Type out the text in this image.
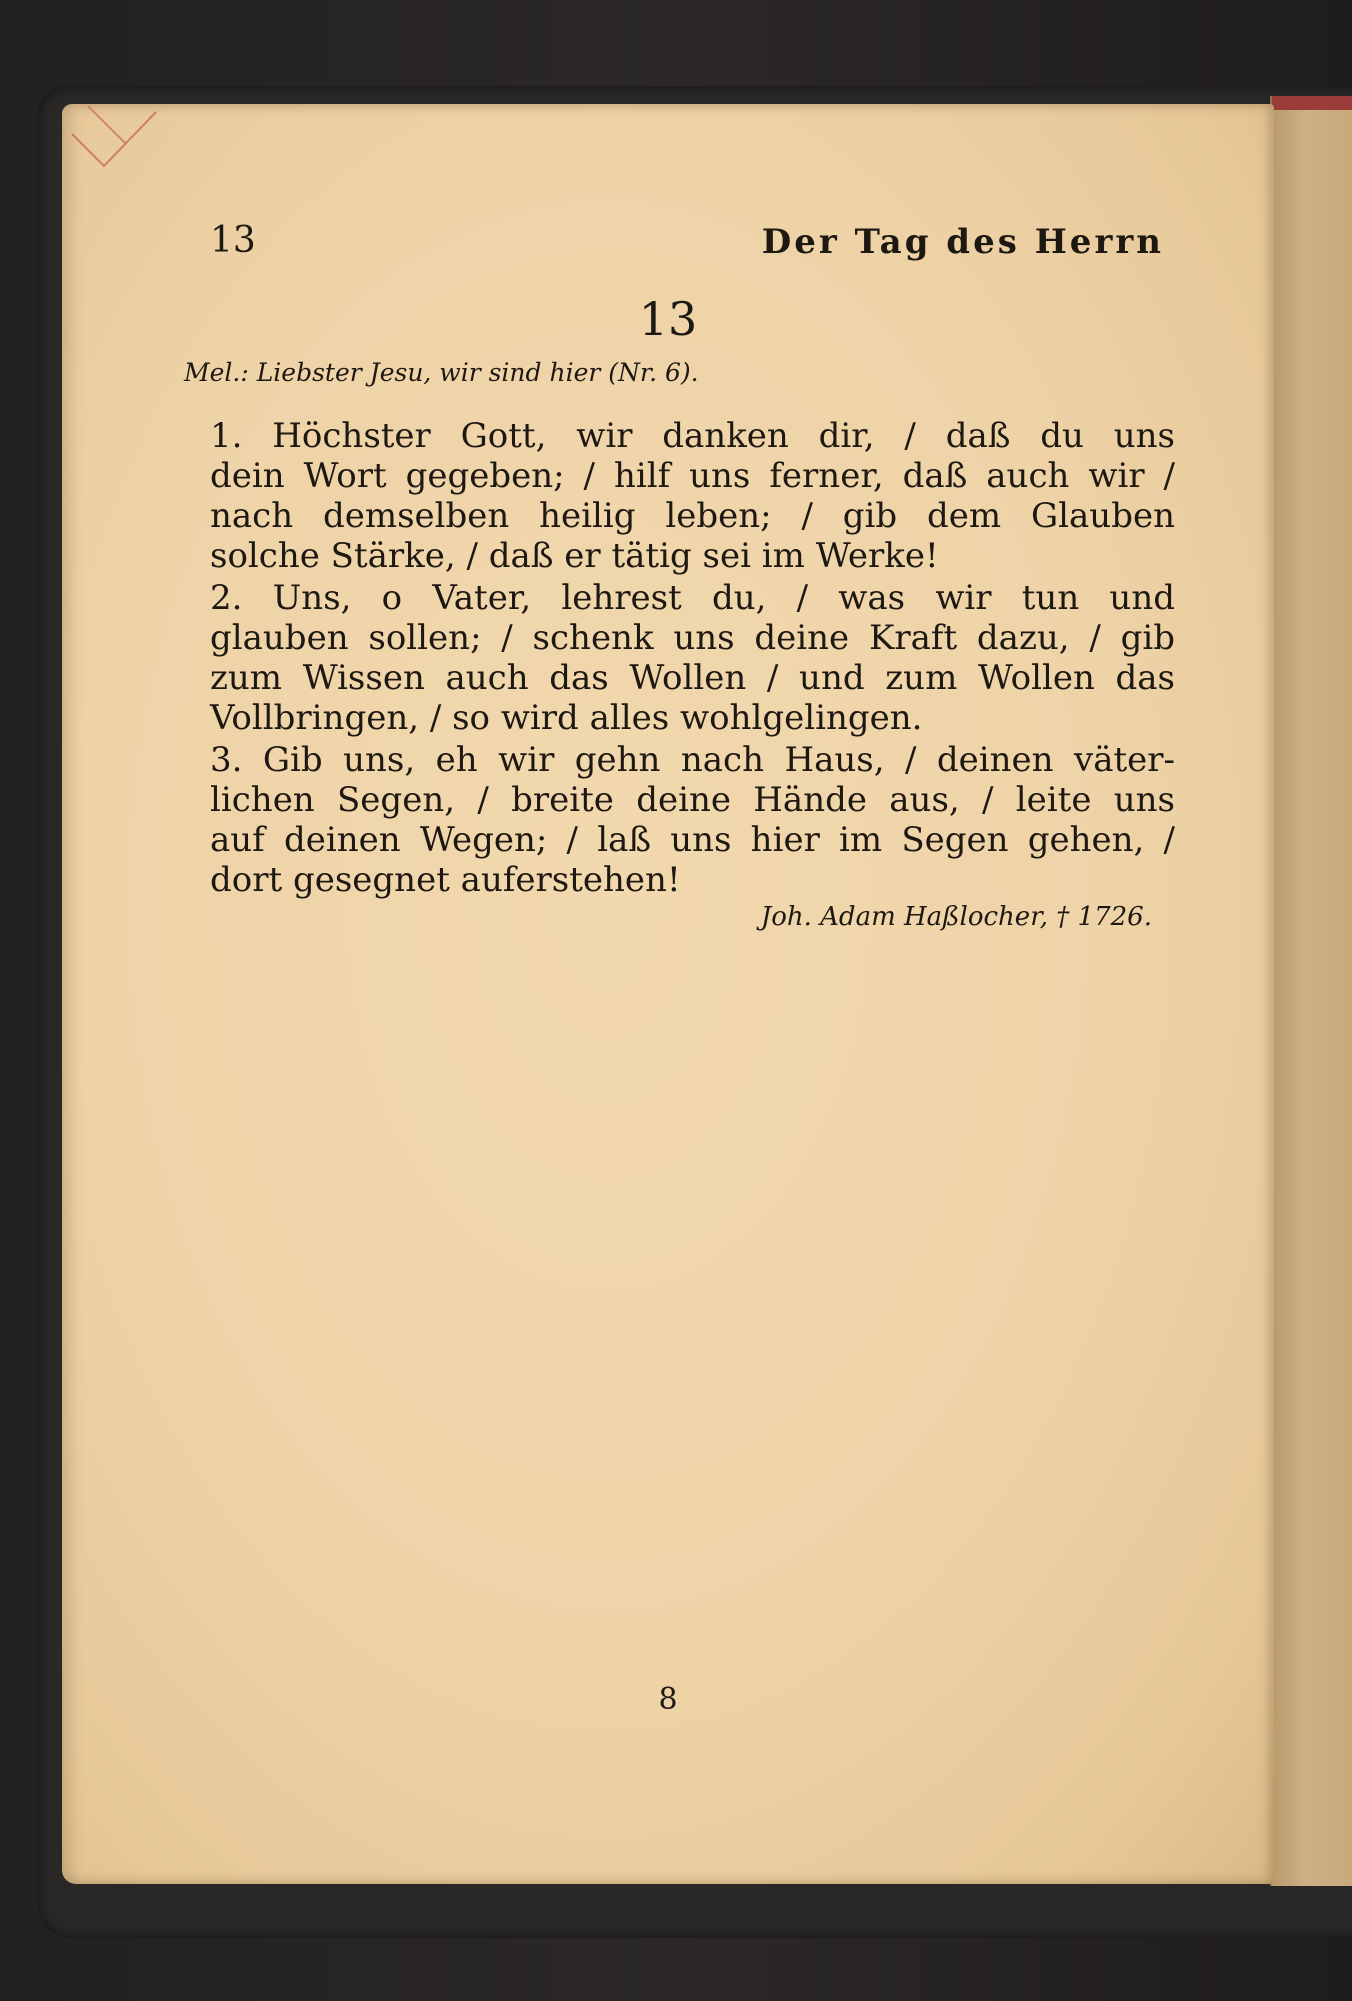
13	Der Tag des Herrn
13
Mel.: Liebster Jesu, wir sind hier (Nr. 6).
1. Höchster Gott, wir danken dir, / daß du uns
dein Wort gegeben; / hilf uns ferner, daß auch wir /
nach demselben heilig leben; / gib dem Glauben
solche Stärke, / daß er tätig sei im Werke!
2. Uns, o Vater, lehrest du, / was wir tun und
glauben sollen; / schenk uns deine Kraft dazu, / gib
zum Wissen auch das Wollen / und zum Wollen das
Vollbringen, / so wird alles wohlgelingen.
3. Gib uns, eh wir gehn nach Haus, / deinen väter-
lichen Segen, / breite deine Hände aus, / leite uns
auf deinen Wegen; / laß uns hier im Segen gehen, /
dort gesegnet auferstehen!
Joh. Adam Haßlocher, † 1726.
8
